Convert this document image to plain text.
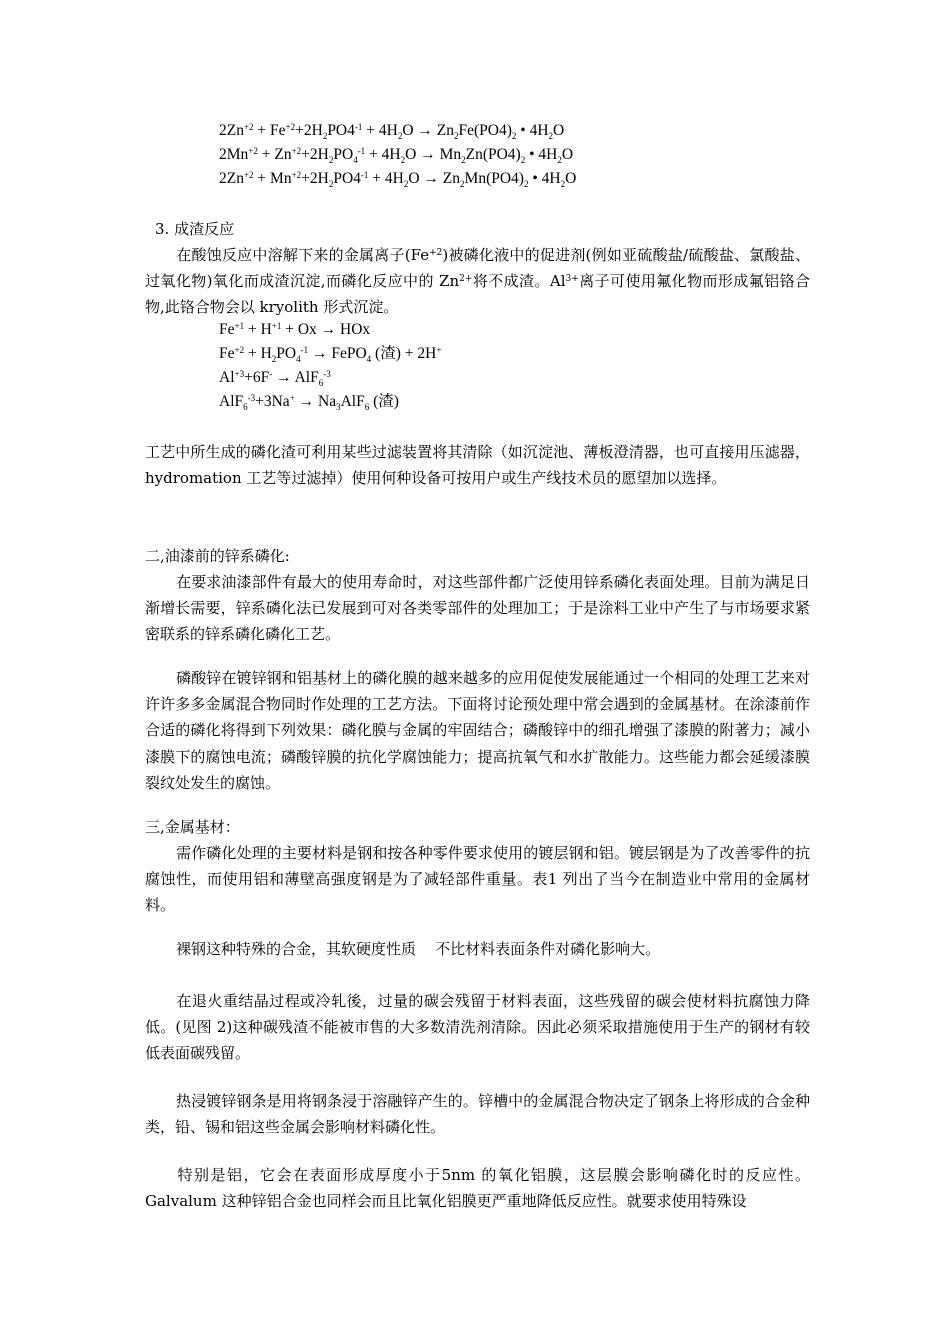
$2Zn^{+2} + Fe^{+2}+2H_2PO4^{-1} + 4H_2O \to Zn_2Fe(PO4)_2$ • $4H_2O$
$2Mn^{+2} + Zn^{+2}+2H_2PO_4^{-1} + 4H_2O \to Mn_2Zn(PO4)_2$ • $4H_2O$
$2Zn^{+2} + Mn^{+2}+2H_2PO4^{-1} + 4H_2O \to Zn_2Mn(PO4)_2$ • $4H_2O$
3. 成渣反应
在酸蚀反应中溶解下来的金属离子$(Fe^{+2})$被磷化液中的促进剂(例如亚硫酸盐/硫酸盐、氯酸盐、过氧化物)氧化而成渣沉淀,而磷化反应中的 $Zn^{2+}$将不成渣。$Al^{3+}$离子可使用氟化物而形成氟铝铬合物,此铬合物会以 kryolith 形式沉淀。
$Fe^{+1} + H^{+1} + Ox$ → HOx
$Fe^{+2} + H_2PO_4^{-1}$ → FePO$_4$ (渣) + 2H+
$Al^{+3}+6F^- \to AlF_6^{-3}$
$AlF_6^{-3}+3Na^+ \to Na_3AlF_6$ (渣)
工艺中所生成的磷化渣可利用某些过滤装置将其清除（如沉淀池、薄板澄清器，也可直接用压滤器，hydromation 工艺等过滤掉）使用何种设备可按用户或生产线技术员的愿望加以选择。
二,油漆前的锌系磷化:
在要求油漆部件有最大的使用寿命时，对这些部件都广泛使用锌系磷化表面处理。目前为满足日渐增长需要，锌系磷化法已发展到可对各类零部件的处理加工；于是涂料工业中产生了与市场要求紧密联系的锌系磷化磷化工艺。
磷酸锌在镀锌钢和铝基材上的磷化膜的越来越多的应用促使发展能通过一个相同的处理工艺来对许许多多金属混合物同时作处理的工艺方法。下面将讨论预处理中常会遇到的金属基材。在涂漆前作合适的磷化将得到下列效果：磷化膜与金属的牢固结合；磷酸锌中的细孔增强了漆膜的附著力；减小漆膜下的腐蚀电流；磷酸锌膜的抗化学腐蚀能力；提高抗氧气和水扩散能力。这些能力都会延缓漆膜裂纹处发生的腐蚀。
三,金属基材：
需作磷化处理的主要材料是钢和按各种零件要求使用的镀层钢和铝。镀层钢是为了改善零件的抗腐蚀性，而使用铝和薄壁高强度钢是为了减轻部件重量。表1 列出了当今在制造业中常用的金属材料。
裸钢这种特殊的合金，其软硬度性质    不比材料表面条件对磷化影响大。
在退火重结晶过程或冷轧後，过量的碳会残留于材料表面，这些残留的碳会使材料抗腐蚀力降低。(见图 2)这种碳残渣不能被市售的大多数清洗剂清除。因此必须采取措施使用于生产的钢材有较低表面碳残留。
热浸镀锌钢条是用将钢条浸于溶融锌产生的。锌槽中的金属混合物决定了钢条上将形成的合金种类，铅、锡和铝这些金属会影响材料磷化性。
特别是铝，它会在表面形成厚度小于5nm 的氧化铝膜，这层膜会影响磷化时的反应性。Galvalum 这种锌铝合金也同样会而且比氧化铝膜更严重地降低反应性。就要求使用特殊设
